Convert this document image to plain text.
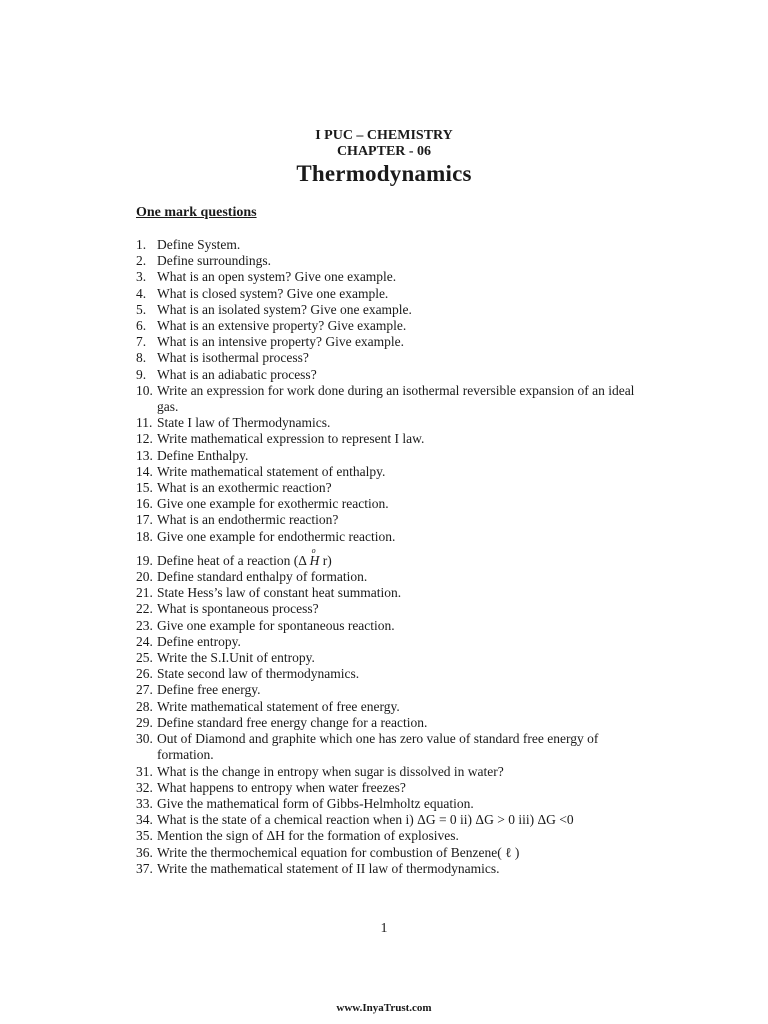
I PUC – CHEMISTRY
CHAPTER - 06
Thermodynamics
One mark questions
1. Define System.
2. Define surroundings.
3. What is an open system? Give one example.
4. What is closed system? Give one example.
5. What is an isolated system? Give one example.
6. What is an extensive property? Give example.
7. What is an intensive property? Give example.
8. What is isothermal process?
9. What is an adiabatic process?
10. Write an expression for work done during an isothermal reversible expansion of an ideal gas.
11. State I law of Thermodynamics.
12. Write mathematical expression to represent I law.
13. Define Enthalpy.
14. Write mathematical statement of enthalpy.
15. What is an exothermic reaction?
16. Give one example for exothermic reaction.
17. What is an endothermic reaction?
18. Give one example for endothermic reaction.
19. Define heat of a reaction (Δ
o
H r)
20. Define standard enthalpy of formation.
21. State Hess’s law of constant heat summation.
22. What is spontaneous process?
23. Give one example for spontaneous reaction.
24. Define entropy.
25. Write the S.I.Unit of entropy.
26. State second law of thermodynamics.
27. Define free energy.
28. Write mathematical statement of free energy.
29. Define standard free energy change for a reaction.
30. Out of Diamond and graphite which one has zero value of standard free energy of formation.
31. What is the change in entropy when sugar is dissolved in water?
32. What happens to entropy when water freezes?
33. Give the mathematical form of Gibbs-Helmholtz equation.
34. What is the state of a chemical reaction when i) ΔG = 0 ii) ΔG > 0 iii) ΔG <0
35. Mention the sign of ΔH for the formation of explosives.
36. Write the thermochemical equation for combustion of Benzene( ℓ )
37. Write the mathematical statement of II law of thermodynamics.
1
www.InyaTrust.com
